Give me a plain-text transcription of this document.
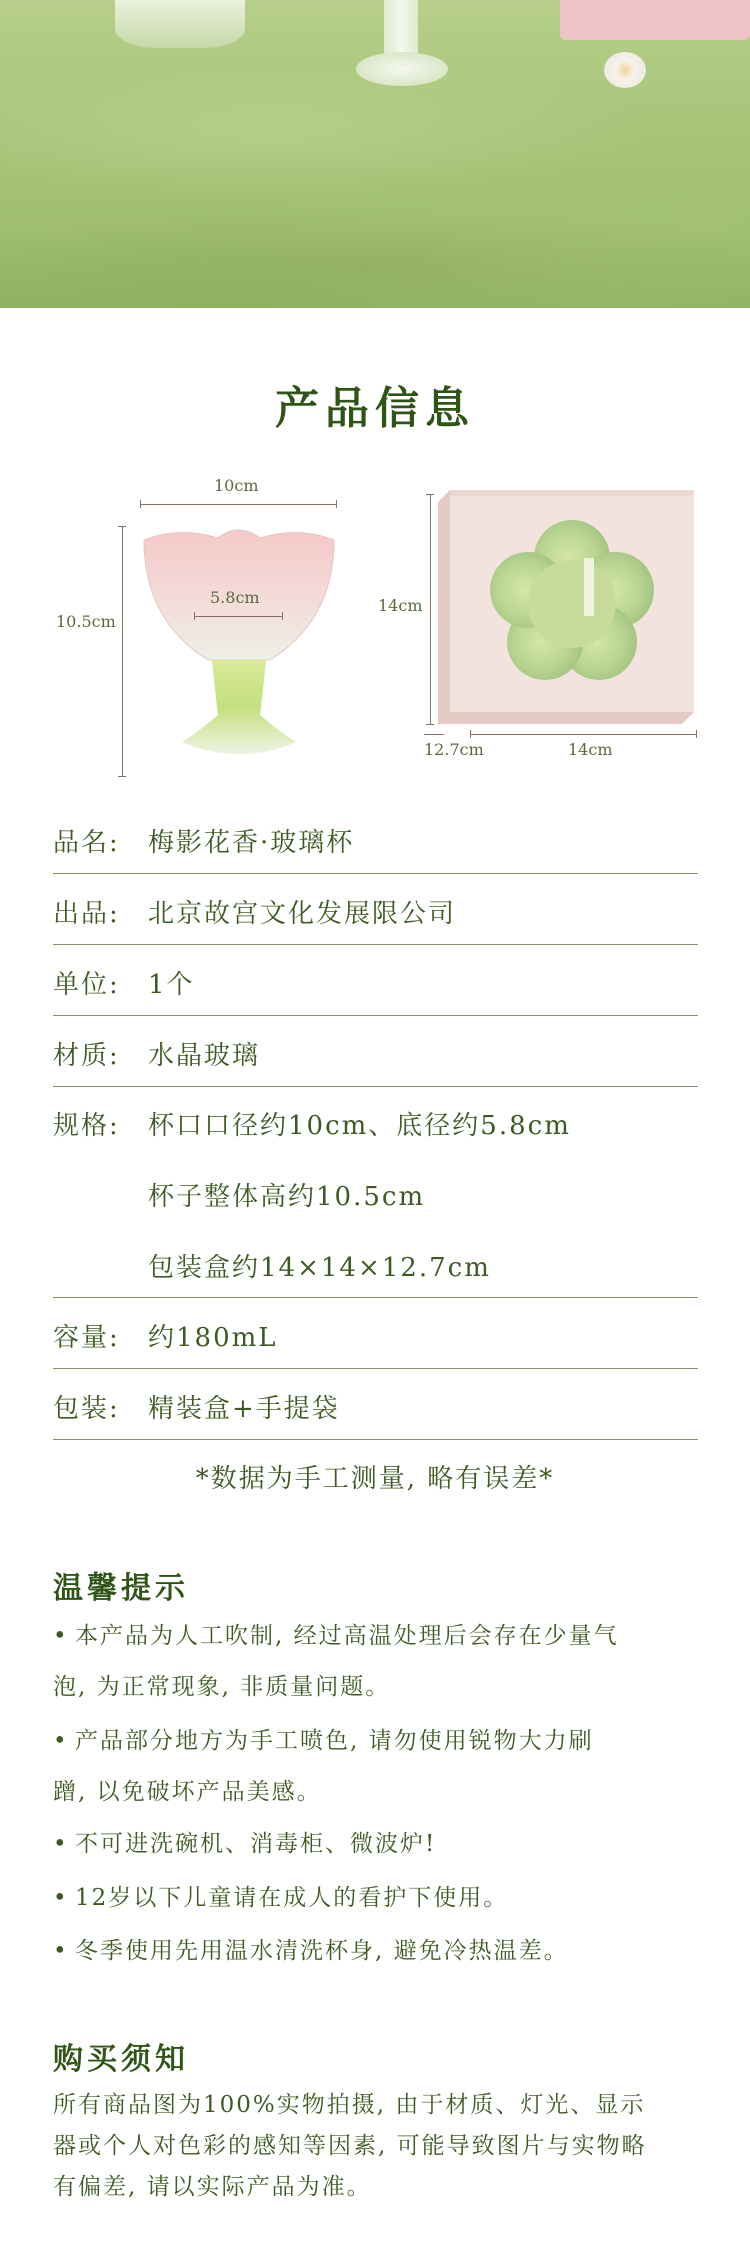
产品信息
10cm
10.5cm
5.8cm	14cm
12.7cm	14cm
品名: 梅影花香·玻璃杯
出品: 北京故宫文化发展限公司
单位: 1个
材质: 水晶玻璃
规格: 杯口口径约10cm、底径约5.8cm
杯子整体高约10.5cm
包装盒约14×14×12.7cm
容量: 约180mL
包装: 精装盒+手提袋
*数据为手工测量, 略有误差*
温馨提示
• 本产品为人工吹制, 经过高温处理后会存在少量气
泡, 为正常现象, 非质量问题。
• 产品部分地方为手工喷色, 请勿使用锐物大力刷
蹭, 以免破坏产品美感。
• 不可进洗碗机、消毒柜、微波炉!
• 12岁以下儿童请在成人的看护下使用。
• 冬季使用先用温水清洗杯身, 避免冷热温差。
购买须知
所有商品图为100%实物拍摄, 由于材质、灯光、显示
器或个人对色彩的感知等因素, 可能导致图片与实物略
有偏差, 请以实际产品为准。
